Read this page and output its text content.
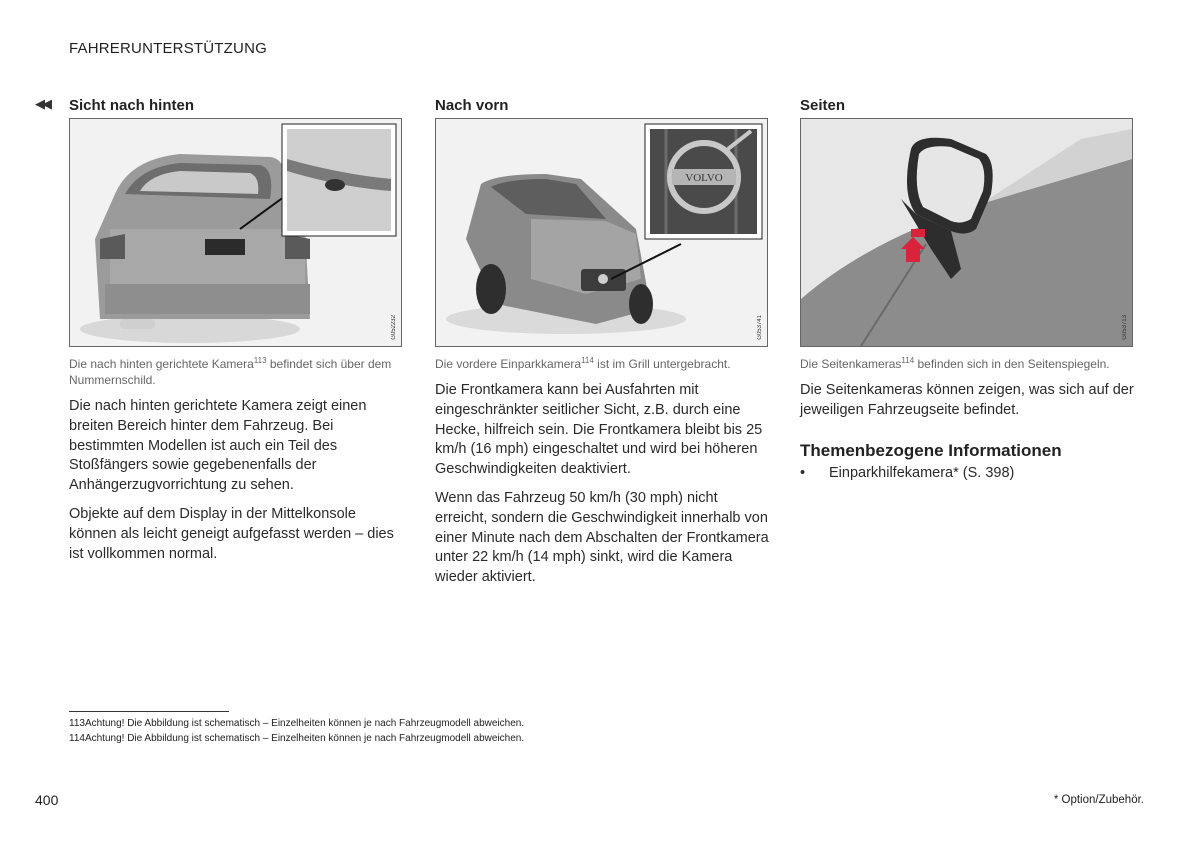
FAHRERUNTERSTÜTZUNG
◀◀ Sicht nach hinten
G052232
Die nach hinten gerichtete Kamera$^{113}$ befindet sich über dem Nummernschild.
Die nach hinten gerichtete Kamera zeigt einen breiten Bereich hinter dem Fahrzeug. Bei bestimmten Modellen ist auch ein Teil des Stoßfängers sowie gegebenenfalls der Anhängerzugvorrichtung zu sehen.
Objekte auf dem Display in der Mittelkonsole können als leicht geneigt aufgefasst werden – dies ist vollkommen normal.
Nach vorn
VOLVO
G053741
Die vordere Einparkkamera$^{114}$ ist im Grill untergebracht.
Die Frontkamera kann bei Ausfahrten mit eingeschränkter seitlicher Sicht, z.B. durch eine Hecke, hilfreich sein. Die Frontkamera bleibt bis 25 km/h (16 mph) eingeschaltet und wird bei höheren Geschwindigkeiten deaktiviert.
Wenn das Fahrzeug 50 km/h (30 mph) nicht erreicht, sondern die Geschwindigkeit innerhalb von einer Minute nach dem Abschalten der Frontkamera unter 22 km/h (14 mph) sinkt, wird die Kamera wieder aktiviert.
Seiten
G053713
Die Seitenkameras$^{114}$ befinden sich in den Seitenspiegeln.
Die Seitenkameras können zeigen, was sich auf der jeweiligen Fahrzeugseite befindet.
Themenbezogene Informationen
•	Einparkhilfekamera* (S. 398)
113Achtung! Die Abbildung ist schematisch – Einzelheiten können je nach Fahrzeugmodell abweichen.
114Achtung! Die Abbildung ist schematisch – Einzelheiten können je nach Fahrzeugmodell abweichen.
400	* Option/Zubehör.
